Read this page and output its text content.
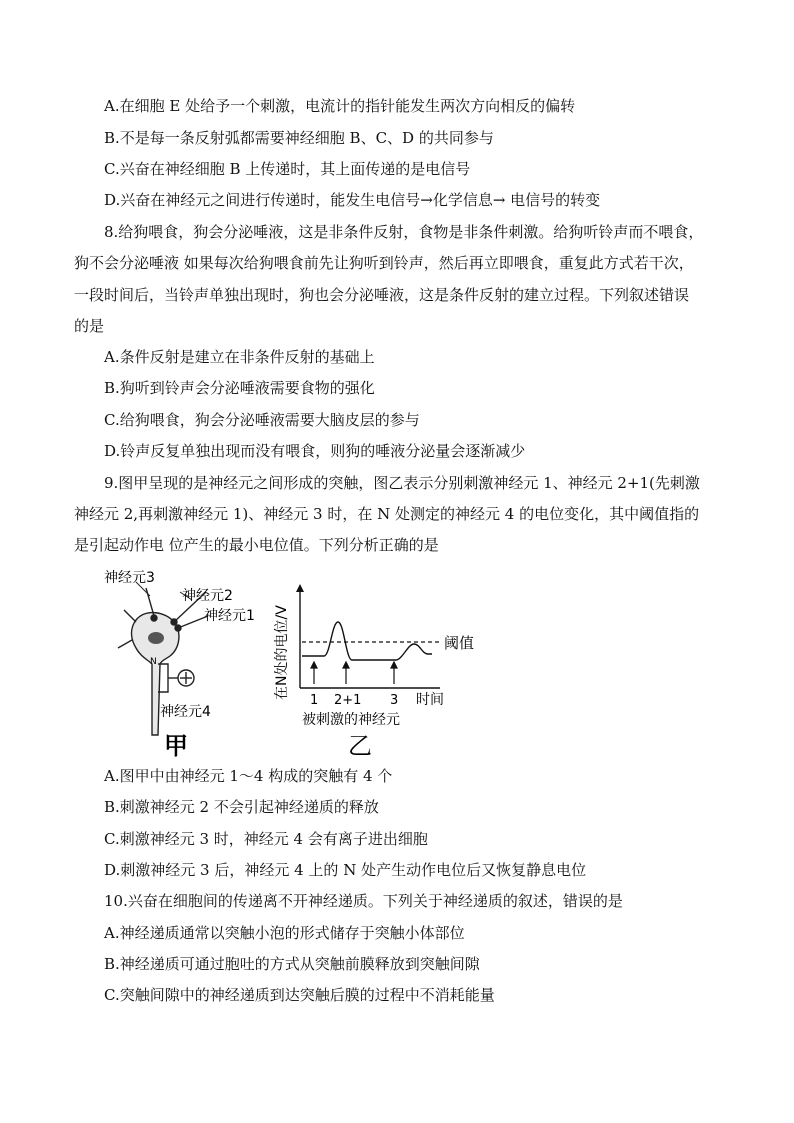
A.在细胞 E 处给予一个刺激，电流计的指针能发生两次方向相反的偏转
B.不是每一条反射弧都需要神经细胞 B、C、D 的共同参与
C.兴奋在神经细胞 B 上传递时，其上面传递的是电信号
D.兴奋在神经元之间进行传递时，能发生电信号→化学信息→ 电信号的转变
8.给狗喂食，狗会分泌唾液，这是非条件反射，食物是非条件刺激。给狗听铃声而不喂食，
狗不会分泌唾液 如果每次给狗喂食前先让狗听到铃声，然后再立即喂食，重复此方式若干次，
一段时间后，当铃声单独出现时，狗也会分泌唾液，这是条件反射的建立过程。下列叙述错误
的是
A.条件反射是建立在非条件反射的基础上
B.狗听到铃声会分泌唾液需要食物的强化
C.给狗喂食，狗会分泌唾液需要大脑皮层的参与
D.铃声反复单独出现而没有喂食，则狗的唾液分泌量会逐渐减少
9.图甲呈现的是神经元之间形成的突触，图乙表示分别刺激神经元 1、神经元 2+1(先刺激
神经元 2,再刺激神经元 1)、神经元 3 时，在 N 处测定的神经元 4 的电位变化，其中阈值指的
是引起动作电 位产生的最小电位值。下列分析正确的是
神经元3
神经元2
神经元1
N
神经元4
甲
在N处的电位/V	阈值
1 2+1 3 时间
被刺激的神经元
乙
A.图甲中由神经元 1～4 构成的突触有 4 个
B.刺激神经元 2 不会引起神经递质的释放
C.刺激神经元 3 时，神经元 4 会有离子进出细胞
D.刺激神经元 3 后，神经元 4 上的 N 处产生动作电位后又恢复静息电位
10.兴奋在细胞间的传递离不开神经递质。下列关于神经递质的叙述，错误的是
A.神经递质通常以突触小泡的形式储存于突触小体部位
B.神经递质可通过胞吐的方式从突触前膜释放到突触间隙
C.突触间隙中的神经递质到达突触后膜的过程中不消耗能量
